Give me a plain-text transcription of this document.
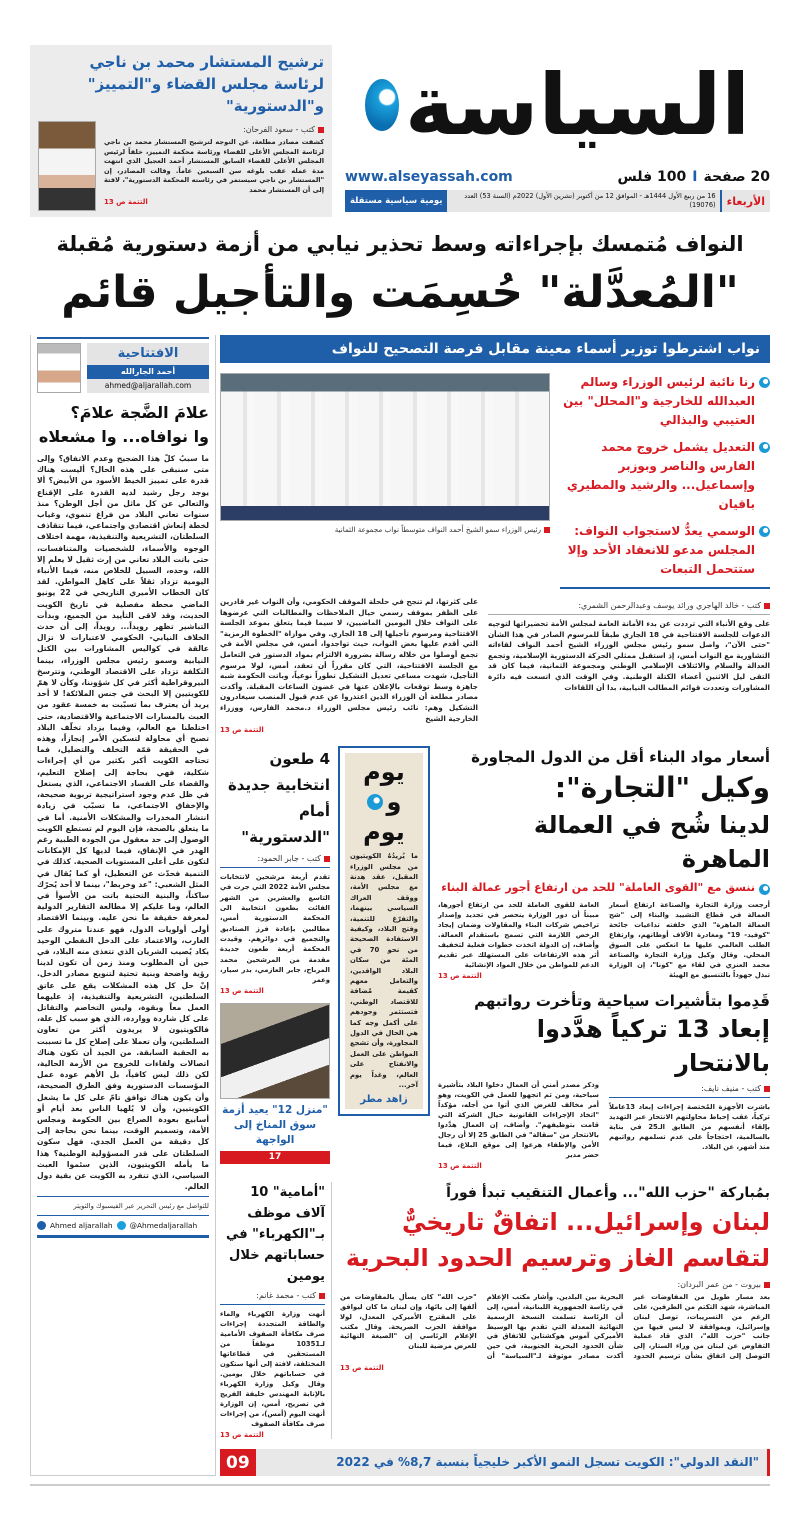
السياسة
20 صفحة
I
100 فلس
www.alseyassah.com
الأربعاء
16 من ربيع الأول 1444هـ - الموافق 12 من أكتوبر (تشرين الأول) 2022م (السنة 53) العدد (19076)
يومية سياسية مستقلة
ترشيح المستشار محمد بن ناجي لرئاسة مجلس القضاء و"التمييز" و"الدستورية"
كتب - سعود الفرحان:
كشفت مصادر مطلعة، عن التوجه لترشيح المستشار محمد بن ناجي لرئاسة المجلس الأعلى للقضاء ورئاسة محكمة التمييز، خلفاً لرئيس المجلس الأعلى للقضاء السابق المستشار أحمد العجيل الذي انتهت مدة عمله عقب بلوغه سن السبعين عاماً. وقالت المصادر، إن "المستشار بن ناجي سيستمر في رئاسته المحكمة الدستورية"، لافتة إلى أن المستشار محمد
التتمة ص 13
النواف مُتمسك بإجراءاته وسط تحذير نيابي من أزمة دستورية مُقبلة
"المُعدَّلة" حُسِمَت والتأجيل قائم
نواب اشترطوا توزير أسماء معينة مقابل فرصة التصحيح للنواف
رنا نائبة لرئيس الوزراء وسالم العبدالله للخارجية و"المحلل" بين العتيبي والبذالي
التعديل يشمل خروج محمد الفارس والناصر وبوزبر وإسماعيل... والرشيد والمطيري باقيان
الوسمي يعدُّ لاستجواب النواف: المجلس مدعو للانعقاد الأحد وإلا ستتحمل التبعات
رئيس الوزراء سمو الشيخ أحمد النواف متوسطاً نواب مجموعة الثمانية
كتب - خالد الهاجري ورائد يوسف وعبدالرحمن الشمري:
على وقع الأنباء التي ترددت عن بدء الأمانة العامة لمجلس الأمة تحضيراتها لتوجيه الدعوات للجلسة الافتتاحية في 18 الجاري طبقاً للمرسوم الصادر في هذا الشأن "حتى الآن"، واصل سمو رئيس مجلس الوزراء الشيخ أحمد النواف لقاءاته التشاورية مع النواب أمس، إذ استقبل ممثلي الحركة الدستورية الإسلامية، وتجمع العدالة والسلام والائتلاف الإسلامي الوطني ومجموعة الثمانية، فيما كان قد التقى ليل الاثنين أعضاء الكتلة الوطنية. وفي الوقت الذي اتسعت فيه دائرة المشاورات وتعددت قوائم المطالب النيابية، بدا أن اللقاءات
على كثرتها، لم تنجح في حلحلة الموقف الحكومي، وأن النواب غير قادرين على الظفر بموقف رسمي حيال الملاحظات والمطالبات التي عرضوها على النواف خلال اليومين الماضيين، لا سيما فيما يتعلق بموعد الجلسة الافتتاحية ومرسوم تأجيلها إلى 18 الجاري. وفي موازاة "الخطوة الرمزية" التي أقدم عليها بعض النواب، حيث تواجدوا، أمس، في مجلس الأمة في تجمع أوصلوا من خلاله رسالة بضرورة الالتزام بمواد الدستور في التعامل مع الجلسة الافتتاحية، التي كان مقرراً أن تعقد، أمس، لولا مرسوم التأجيل، شهدت مساعي تعديل التشكيل تطوراً نوعياً، وباتت الحكومة شبه جاهزة وسط توقعات بالإعلان عنها في غضون الساعات المقبلة. وأكدت مصادر مطلعة أن الوزراء الذين اعتذروا عن عدم قبول المنصب سيغادرون التشكيل وهم: نائب رئيس مجلس الوزراء د.محمد الفارس، ووزراء الخارجية الشيخ
التتمة ص 13
أسعار مواد البناء أقل من الدول المجاورة
وكيل "التجارة":
لدينا شُح في العمالة الماهرة
ننسق مع "القوى العاملة" للحد من ارتفاع أجور عمالة البناء
أرجعت وزارة التجارة والصناعة ارتفاع أسعار العمالة في قطاع التشييد والبناء إلى "شح العمالة الماهرة" الذي خلفته تداعيات جائحة "كوفيد- 19" ومغادرة الآلاف أوطانهم، وارتفاع الطلب العالمي عليها ما انعكس على السوق المحلي. وقال وكيل وزارة التجارة والصناعة محمد العنزي في لقاء مع "كونا"، إن الوزارة تبذل جهوداً بالتنسيق مع الهيئة
العامة للقوى العاملة للحد من ارتفاع أجورها، مبيناً أن دور الوزارة ينحصر في تجديد وإصدار تراخيص شركات البناء والمقاولات وضمان إيجاد الرخص اللازمة التي تسمح باستقدام العمالة. وأضاف، إن الدولة اتخذت خطوات فعلية لتخفيف أثر هذه الارتفاعات على المستهلك عبر تقديم الدعم للمواطن من خلال المواد الإنشائية
التتمة ص 13
قَدِموا بتأشيرات سياحية وتأخرت رواتبهم
إبعاد 13 تركياً هدَّدوا بالانتحار
كتب - منيف نايف:
باشرت الأجهزة المُختصة إجراءات إبعاد 13عاملاً تركياً، عقب إحباط محاولتهم الانتحار عبر التهديد بإلقاء أنفسهم من الطابق الـ25 في بناية بالسالمية، احتجاجاً على عدم تسلمهم رواتبهم منذ أشهر، عن البلاد.
وذكر مصدر أمني أن العمال دخلوا البلاد بتأشيرة سياحية، ومن ثم اتجهوا للعمل في الكويت، وهو أمر مخالف للغرض الذي أتوا من أجله، مؤكداً "اتخاذ الإجراءات القانونية حيال الشركة التي قامت بتوظيفهم". وأضاف، إن العمال هدَّدوا بالانتحار من "سقالة" في الطابق 25 إلا أن رجال الأمن والإطفاء هرعوا إلى موقع البلاغ، فيما حضر مدير
التتمة ص 13
يوم
و
يوم
ما يُريدُهُ الكويتيون من مجلس الوزراء المقبل، عقد هدنة مع مجلس الأمة، ووقف العراك السياسي بينهما، والتفرّغ للتنمية، وفتح البلاد، وكيفية الاستفادة الصحيحة من نحو 70 في المئة من سكان البلاد الوافدين، والتعامل معهم كقيمة مُضافة للاقتصاد الوطني، فتستثمر وجودهم على أكمل وجه كما هي الحال في الدول المجاورة، وأن تشجع المواطن على العمل والانفتاح على العالم، وغداً يوم آخر...
زاهد مطر
4 طعون انتخابية جديدة أمام "الدستورية"
كتب - جابر الحمود:
تقدم أربعة مرشحين لانتخابات مجلس الأمة 2022 التي جرت في التاسع والعشرين من الشهر الفائت بطعون انتخابية الى المحكمة الدستورية أمس، مطالبين بإعادة فرز الصناديق والتجميع في دوائرهم. وقيدت المحكمة أربعة طعون جديدة مقدمة من المرشحين محمد المرباح، جابر العازمي، بدر سيار، وعمر
التتمة ص 13
"منزل 12" يعيد أزمة سوق المناخ إلى الواجهة
17
بمُباركة "حزب الله"... وأعمال التنقيب تبدأ فوراً
لبنان وإسرائيل... اتفاقٌ تاريخيٌّ
لتقاسم الغاز وترسيم الحدود البحرية
بيروت - من عمر البردان:
بعد مسار طويل من المفاوضات غير المباشرة، شهد التكتم من الطرفين، على الرغم من التسريبات، توصل لبنان وإسرائيل، ويموافقة لا ليس فيها من جانب "حزب الله"، الذي قاد عملية التفاوض عن لبنان من وراء الستار، إلى التوصل إلى اتفاق بشأن ترسيم الحدود البحرية بين البلدين. وأشار مكتب الإعلام في رئاسة الجمهورية اللبنانية، أمس، إلى أن الرئاسة تسلمت النسخة الرسمية النهائية المعدلة التي تقدم بها الوسيط الأميركي آموس هوكشتاين للاتفاق في شأن الحدود البحرية الجنوبية، في حين أكدت مصادر موثوقة لـ"السياسة" أن "حزب الله" كان يسأل بالمفاوضات من ألفها إلى يائها، وإن لبنان ما كان ليوافق على المقترح الأميركي المعدل، لولا موافقة الحزب الصريحة. وقال مكتب الإعلام الرئاسي إن "الصيغة النهائية للعرض مرضية للبنان
التتمة ص 13
"أمامية" 10 آلاف موظف بـ"الكهرباء" في حساباتهم خلال يومين
كتب - محمد غانم:
أنهت وزارة الكهرباء والماء والطاقة المتجددة إجراءات صرف مكافأة الصفوف الأمامية لـ10351 موظفاً من المستحقين في قطاعاتها المختلفة، لافتة إلى أنها ستكون في حساباتهم خلال يومين. وقال وكيل وزارة الكهرباء بالإنابة المهندس خليفة الفريج في تصريح، أمس، إن الوزارة أنهت اليوم (أمس)، من إجراءات صرف مكافأة الصفوف
التتمة ص 13
"النقد الدولي": الكويت تسجل النمو الأكبر خليجياً بنسبة 8,7% في 2022
09
الافتتاحية
أحمد الجارالله
ahmed@aljarallah.com
علامَ الضَّجة علامَ؟
وا نوافاه... وا مشعلاه
ما سببُ كلّ هذا الضجيج وعدم الاتفاق؟ وإلى متى سنبقى على هذه الحال؟ أليست هناك قدرة على تمييز الخيط الأسود من الأبيض؟ ألا يوجد رجل رشيد لديه القدرة على الإقناع والتعالي عن كل ماثل من أجل الوطن؟ منذ سنوات تعاني البلاد من فراغ تنموي، وغياب لخطة إنعاش اقتصادي واجتماعي، فيما تتقاذف السلطتان، التشريعية والتنفيذية، مهمة اختلاف الوجوه والأسماء، للشخصيات والمتنافسات، حتى باتت البلاد تعاني من إرث ثقيل لا يعلم إلا الله، وحده، السبيل للخلاص منه، فيما الأنباء اليومية تزداد ثقلاً على كاهل المواطن. لقد كان الخطاب الأميري التاريخي في 22 يونيو الماضي محطة مفصلية في تاريخ الكويت الحديث، وقد لاقى التأييد من الجميع، وبدأت التباشير تظهر رويداً... رويداً، إلى أن حدث الخلاف النيابي- الحكومي لاعتبارات لا تزال عالقة في كواليس المشاورات بين الكتل النيابية وسمو رئيس مجلس الوزراء، بينما التكلفة تزداد على الاقتصاد الوطني، وتترسخ البيروقراطية أكثر في كل شؤوننا، وكأن لا همّ للكويتيين إلا البحث في جنس الملائكة! لا أحد يريد أن يعترف بما تسبّبت به خمسة عقود من العبث بالمسارات الاجتماعية والاقتصادية، حتى اختلطنا مع العالم، وفيما يزداد تخلّف البلاد تصبح أي محاولة لتسكين الأمر إنجازاً، وهذه في الحقيقة قمّة التخلف والتضليل، فما تحتاجه الكويت أكبر بكثير من أي إجراءات شكلية، فهي بحاجة إلى إصلاح التعليم، والقضاء على الفساد الاجتماعي، الذي يستغل في ظل عدم وجود استراتيجية تربوية صحيحة، والإخفاق الاجتماعي، ما تسبّب في زيادة انتشار المخدرات والمشكلات الأمنية. أما في ما يتعلق بالصحة، فإن اليوم لم تستطع الكويت الوصول إلى حد معقول من الجودة الطبية رغم الهدر في الإنفاق، فيما لديها كل الإمكانات لتكون على أعلى المستويات الصحية. كذلك في التنمية فحدّث عن التعطيل، أو كما يُقال في المثل الشعبي: "عد وخربط"، بينما لا أحد يُحرّك ساكناً، والبنية التحتية باتت من الأسوأ في العالم، وما عليكم إلا مطالعة التقارير الدولية لمعرفة حقيقة ما نحن عليه. وبينما الاقتصاد أولى أولويات الدول، فهو عندنا متروك على الغارب، والاعتماد على الدخل النفطي الوحيد يكاد يُصيب الشريان الذي تتغذى منه البلاد، في حين أن المطلوب ومنذ زمن أن تكون لدينا رؤية واضحة وبنية تحتية لتنويع مصادر الدخل. إنّ حل كل هذه المشكلات يقع على عاتق السلطتين، التشريعية والتنفيذية، إذ عليهما العمل معاً وبقوة، وليس التخاصم والتقاتل على كل شاردة وواردة، الذي هو سبب كل علة، فالكويتيون لا يريدون أكثر من تعاون السلطتين، وأن تعملا على إصلاح كل ما تسببت به الحقبة السابقة. من الجيد أن تكون هناك اتصالات ولقاءات للخروج من الأزمة الحالية، لكن ذلك ليس كافياً، بل الأهم عودة عمل المؤسسات الدستورية وفق الطرق الصحيحة، وأن يكون هناك توافق تامّ على كل ما يشغل الكويتيين، وأن لا يُلهيا الناس بعد أيام أو أسابيع بعودة الصراع بين الحكومة ومجلس الأمة، وتسميم الوقت، بينما نحن بحاجة إلى كل دقيقة من العمل الجدي. فهل سكون السلطتان على قدر المسؤولية الوطنية؟ هذا ما يأمله الكويتيون، الذين سئموا العبث السياسي، الذي تنفرد به الكويت عن بقية دول العالم.
للتواصل مع رئيس التحرير عبر الفيسبوك والتويتر
Ahmed aljarallah @Ahmedaljarallah
